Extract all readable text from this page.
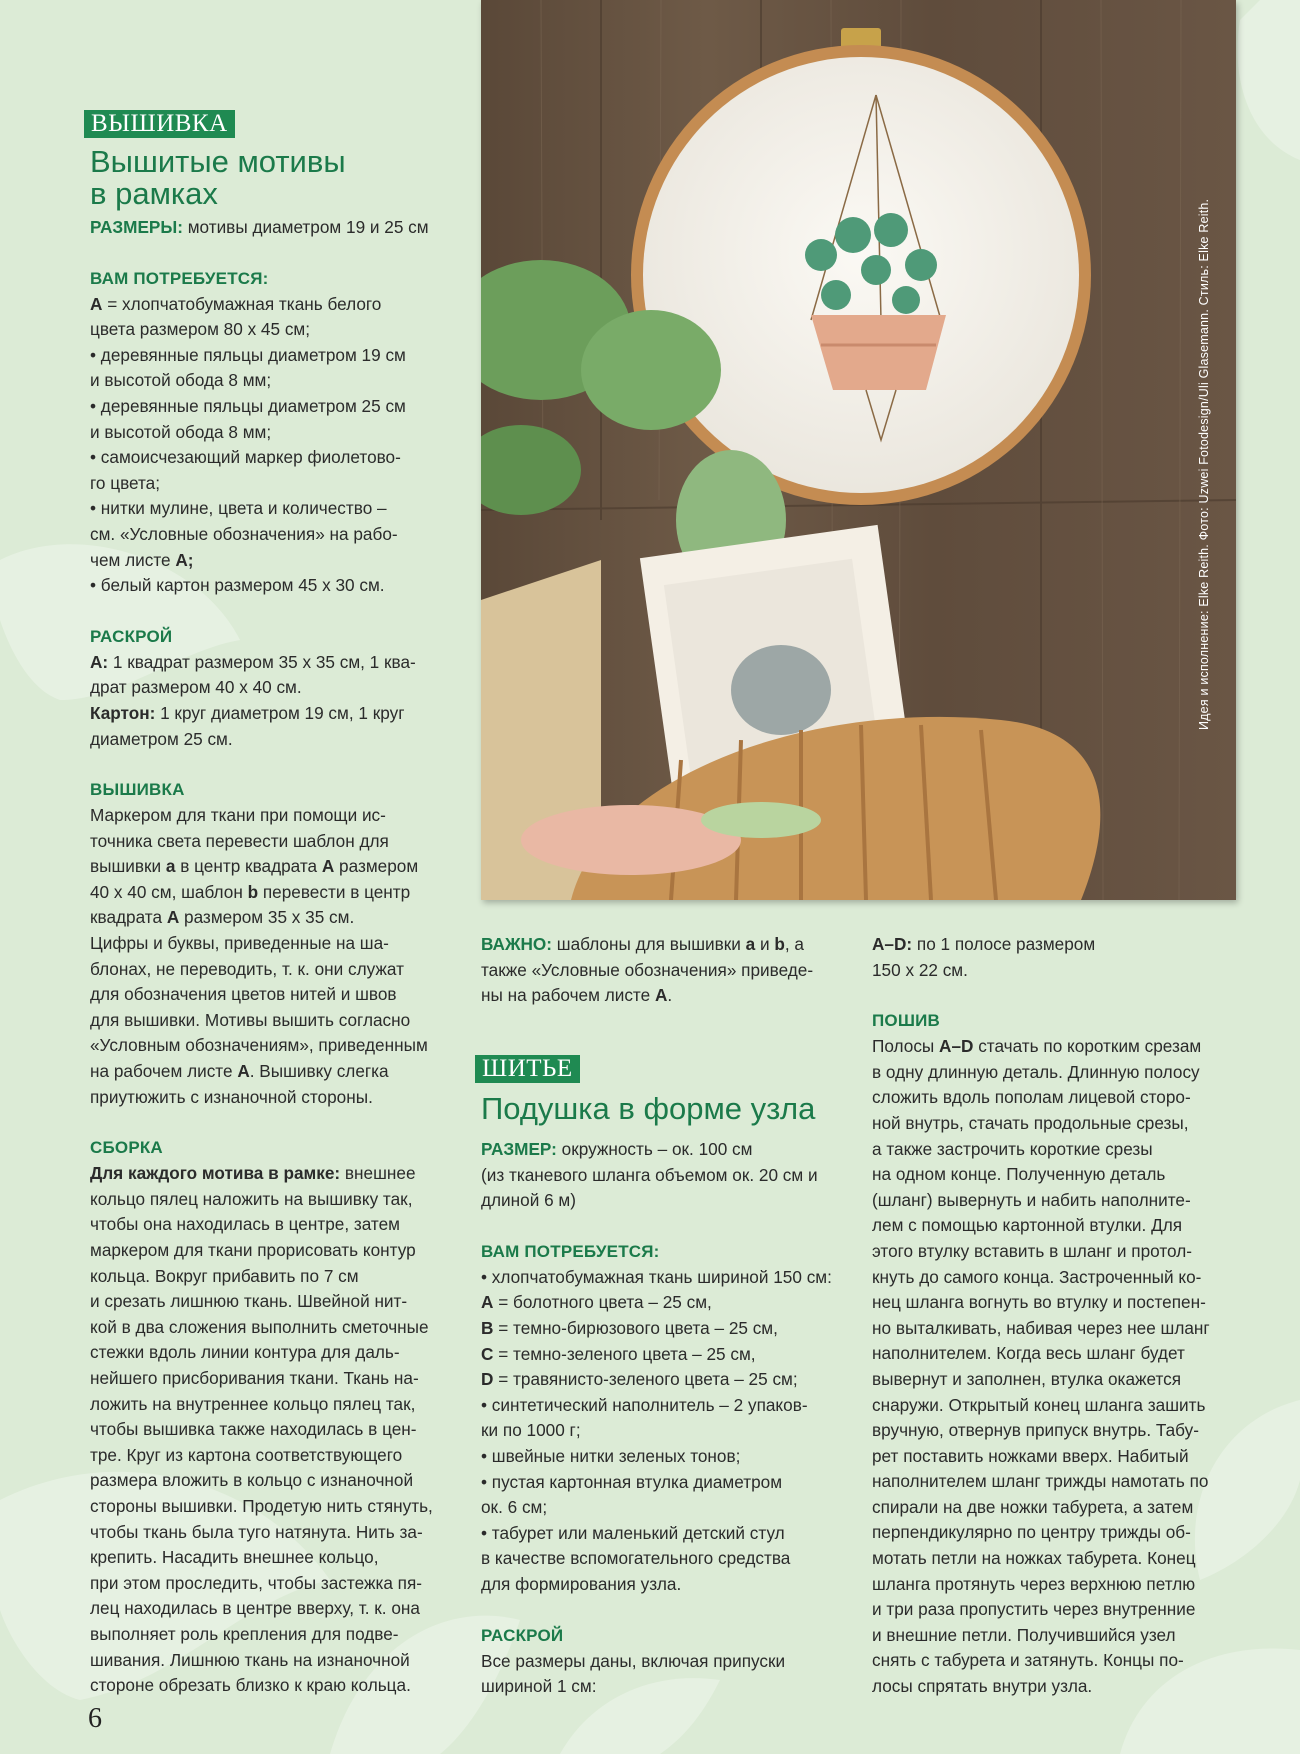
ВЫШИВКА
Вышитые мотивы
в рамках

РАЗМЕРЫ: мотивы диаметром 19 и 25 см

ВАМ ПОТРЕБУЕТСЯ:

A = хлопчатобумажная ткань белого

цвета размером 80 х 45 см;

• деревянные пяльцы диаметром 19 см

и высотой обода 8 мм;

• деревянные пяльцы диаметром 25 см

и высотой обода 8 мм;

• самоисчезающий маркер фиолетово-

го цвета;

• нитки мулине, цвета и количество –

см. «Условные обозначения» на рабо-

чем листе A;

• белый картон размером 45 х 30 см.

РАСКРОЙ

A: 1 квадрат размером 35 х 35 см, 1 ква-

драт размером 40 х 40 см.

Картон: 1 круг диаметром 19 см, 1 круг

диаметром 25 см.

ВЫШИВКА

Маркером для ткани при помощи ис-

точника света перевести шаблон для

вышивки a в центр квадрата A размером

40 х 40 см, шаблон b перевести в центр

квадрата A размером 35 х 35 см.

Цифры и буквы, приведенные на ша-

блонах, не переводить, т. к. они служат

для обозначения цветов нитей и швов

для вышивки. Мотивы вышить согласно

«Условным обозначениям», приведенным

на рабочем листе A. Вышивку слегка

приутюжить с изнаночной стороны.

СБОРКА

Для каждого мотива в рамке: внешнее

кольцо пялец наложить на вышивку так,

чтобы она находилась в центре, затем

маркером для ткани прорисовать контур

кольца. Вокруг прибавить по 7 см

и срезать лишнюю ткань. Швейной нит-

кой в два сложения выполнить сметочные

стежки вдоль линии контура для даль-

нейшего присборивания ткани. Ткань на-

ложить на внутреннее кольцо пялец так,

чтобы вышивка также находилась в цен-

тре. Круг из картона соответствующего

размера вложить в кольцо с изнаночной

стороны вышивки. Продетую нить стянуть,

чтобы ткань была туго натянута. Нить за-

крепить. Насадить внешнее кольцо,

при этом проследить, чтобы застежка пя-

лец находилась в центре вверху, т. к. она

выполняет роль крепления для подве-

шивания. Лишнюю ткань на изнаночной

стороне обрезать близко к краю кольца.

6
Идея и исполнение: Elke Reith. Фото: Uzwei Fotodesign/Uli Glasemann. Стиль: Elke Reith.

ВАЖНО: шаблоны для вышивки a и b, а

также «Условные обозначения» приведе-

ны на рабочем листе A.

ШИТЬЕ
Подушка в форме узла

РАЗМЕР: окружность – ок. 100 см

(из тканевого шланга объемом ок. 20 см и

длиной 6 м)

ВАМ ПОТРЕБУЕТСЯ:

• хлопчатобумажная ткань шириной 150 см:

A = болотного цвета – 25 см,

B = темно-бирюзового цвета – 25 см,

C = темно-зеленого цвета – 25 см,

D = травянисто-зеленого цвета – 25 см;

• синтетический наполнитель – 2 упаков-

ки по 1000 г;

• швейные нитки зеленых тонов;

• пустая картонная втулка диаметром

ок. 6 см;

• табурет или маленький детский стул

в качестве вспомогательного средства

для формирования узла.

РАСКРОЙ

Все размеры даны, включая припуски

шириной 1 см:

A–D: по 1 полосе размером

150 х 22 см.

ПОШИВ

Полосы A–D стачать по коротким срезам

в одну длинную деталь. Длинную полосу

сложить вдоль пополам лицевой сторо-

ной внутрь, стачать продольные срезы,

а также застрочить короткие срезы

на одном конце. Полученную деталь

(шланг) вывернуть и набить наполните-

лем с помощью картонной втулки. Для

этого втулку вставить в шланг и протол-

кнуть до самого конца. Застроченный ко-

нец шланга вогнуть во втулку и постепен-

но выталкивать, набивая через нее шланг

наполнителем. Когда весь шланг будет

вывернут и заполнен, втулка окажется

снаружи. Открытый конец шланга зашить

вручную, отвернув припуск внутрь. Табу-

рет поставить ножками вверх. Набитый

наполнителем шланг трижды намотать по

спирали на две ножки табурета, а затем

перпендикулярно по центру трижды об-

мотать петли на ножках табурета. Конец

шланга протянуть через верхнюю петлю

и три раза пропустить через внутренние

и внешние петли. Получившийся узел

снять с табурета и затянуть. Концы по-

лосы спрятать внутри узла.
